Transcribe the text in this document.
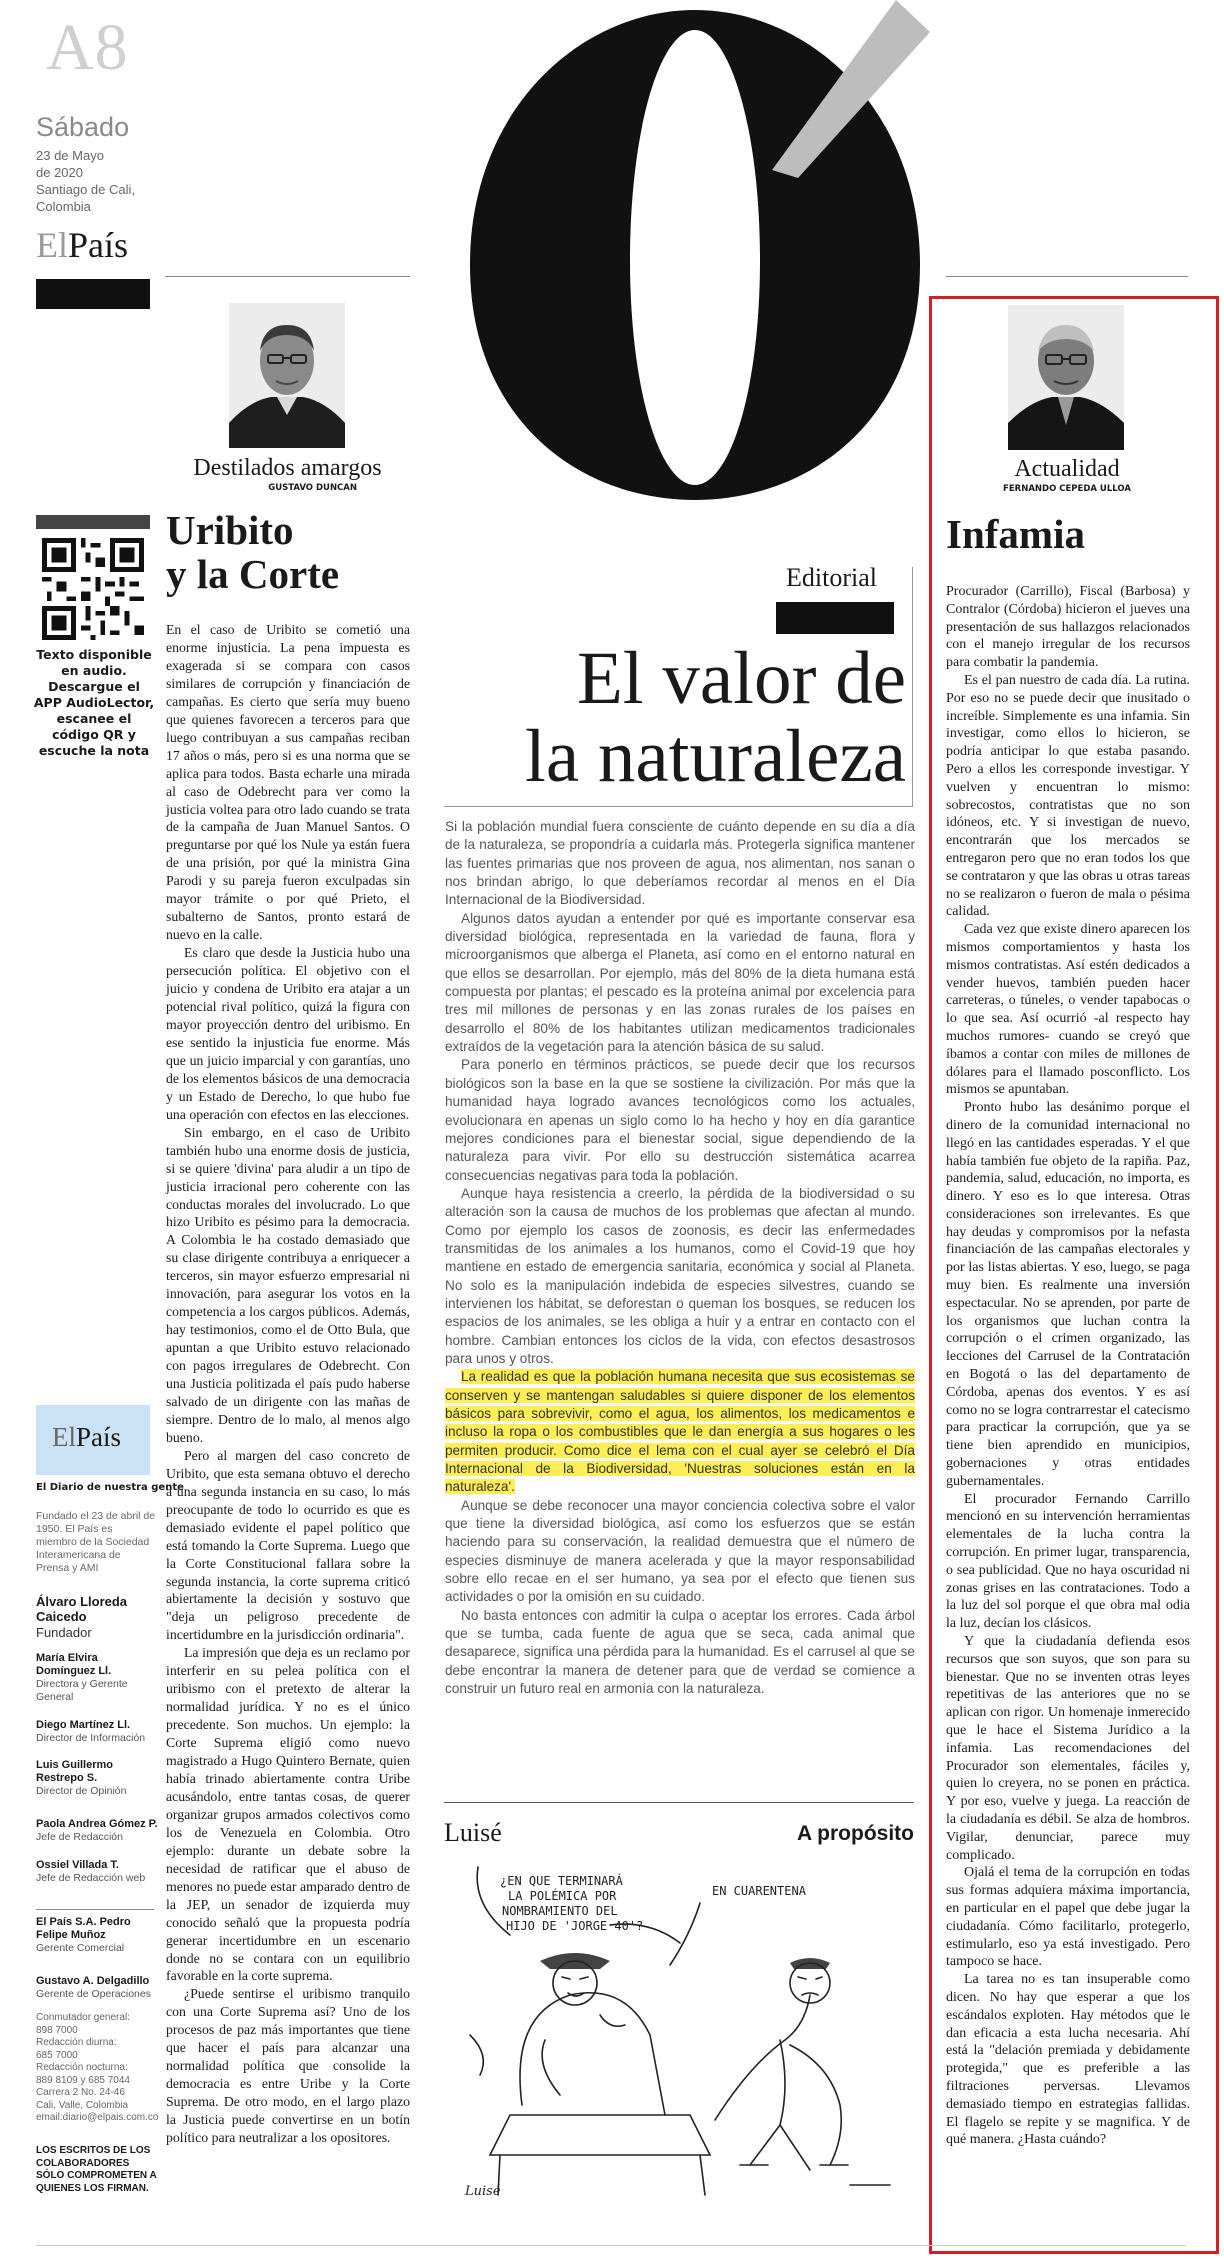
A8
Sábado
23 de Mayo
de 2020
Santiago de Cali,
Colombia
ElPaís
Texto disponible en audio. Descargue el APP AudioLector, escanee el código QR y escuche la nota
ElPaís
El Diario de nuestra gente
Fundado el 23 de abril de 1950. El País es miembro de la Sociedad Interamericana de Prensa y AMI
Álvaro Lloreda Caicedo
Fundador
María Elvira Domínguez Ll.
Directora y Gerente General
Diego Martínez Ll.
Director de Información
Luis Guillermo Restrepo S.
Director de Opinión
Paola Andrea Gómez P.
Jefe de Redacción
Ossiel Villada T.
Jefe de Redacción web
El País S.A. Pedro Felipe Muñoz
Gerente Comercial
Gustavo A. Delgadillo
Gerente de Operaciones
Conmutador general:
898 7000
Redacción diurna:
685 7000
Redacción nocturna:
889 8109 y 685 7044
Carrera 2 No. 24-46
Cali, Valle, Colombia
email:diario@elpais.com.co
LOS ESCRITOS DE LOS COLABORADORES SÓLO COMPROMETEN A QUIENES LOS FIRMAN.
Destilados amargos
GUSTAVO DUNCAN
Uribito
y la Corte

En el caso de Uribito se cometió una enorme injusticia. La pena impuesta es exagerada si se compara con casos similares de corrupción y financiación de campañas. Es cierto que sería muy bueno que quienes favorecen a terceros para que luego contribuyan a sus campañas reciban 17 años o más, pero si es una norma que se aplica para todos. Basta echarle una mirada al caso de Odebrecht para ver como la justicia voltea para otro lado cuando se trata de la campaña de Juan Manuel Santos. O preguntarse por qué los Nule ya están fuera de una prisión, por qué la ministra Gina Parodi y su pareja fueron exculpadas sin mayor trámite o por qué Prieto, el subalterno de Santos, pronto estará de nuevo en la calle.

Es claro que desde la Justicia hubo una persecución política. El objetivo con el juicio y condena de Uribito era atajar a un potencial rival político, quizá la figura con mayor proyección dentro del uribismo. En ese sentido la injusticia fue enorme. Más que un juicio imparcial y con garantías, uno de los elementos básicos de una democracia y un Estado de Derecho, lo que hubo fue una operación con efectos en las elecciones.

Sin embargo, en el caso de Uribito también hubo una enorme dosis de justicia, si se quiere 'divina' para aludir a un tipo de justicia irracional pero coherente con las conductas morales del involucrado. Lo que hizo Uribito es pésimo para la democracia. A Colombia le ha costado demasiado que su clase dirigente contribuya a enriquecer a terceros, sin mayor esfuerzo empresarial ni innovación, para asegurar los votos en la competencia a los cargos públicos. Además, hay testimonios, como el de Otto Bula, que apuntan a que Uribito estuvo relacionado con pagos irregulares de Odebrecht. Con una Justicia politizada el país pudo haberse salvado de un dirigente con las mañas de siempre. Dentro de lo malo, al menos algo bueno.

Pero al margen del caso concreto de Uribito, que esta semana obtuvo el derecho a una segunda instancia en su caso, lo más preocupante de todo lo ocurrido es que es demasiado evidente el papel político que está tomando la Corte Suprema. Luego que la Corte Constitucional fallara sobre la segunda instancia, la corte suprema criticó abiertamente la decisión y sostuvo que "deja un peligroso precedente de incertidumbre en la jurisdicción ordinaria".

La impresión que deja es un reclamo por interferir en su pelea política con el uribismo con el pretexto de alterar la normalidad jurídica. Y no es el único precedente. Son muchos. Un ejemplo: la Corte Suprema eligió como nuevo magistrado a Hugo Quintero Bernate, quien había trinado abiertamente contra Uribe acusándolo, entre tantas cosas, de querer organizar grupos armados colectivos como los de Venezuela en Colombia. Otro ejemplo: durante un debate sobre la necesidad de ratificar que el abuso de menores no puede estar amparado dentro de la JEP, un senador de izquierda muy conocido señaló que la propuesta podría generar incertidumbre en un escenario donde no se contara con un equilibrio favorable en la corte suprema.

¿Puede sentirse el uribismo tranquilo con una Corte Suprema así? Uno de los procesos de paz más importantes que tiene que hacer el país para alcanzar una normalidad política que consolide la democracia es entre Uribe y la Corte Suprema. De otro modo, en el largo plazo la Justicia puede convertirse en un botín político para neutralizar a los opositores.

Editorial
El valor de
la naturaleza

Si la población mundial fuera consciente de cuánto depende en su día a día de la naturaleza, se propondría a cuidarla más. Protegerla significa mantener las fuentes primarias que nos proveen de agua, nos alimentan, nos sanan o nos brindan abrigo, lo que deberíamos recordar al menos en el Día Internacional de la Biodiversidad.

Algunos datos ayudan a entender por qué es importante conservar esa diversidad biológica, representada en la variedad de fauna, flora y microorganismos que alberga el Planeta, así como en el entorno natural en que ellos se desarrollan. Por ejemplo, más del 80% de la dieta humana está compuesta por plantas; el pescado es la proteína animal por excelencia para tres mil millones de personas y en las zonas rurales de los países en desarrollo el 80% de los habitantes utilizan medicamentos tradicionales extraídos de la vegetación para la atención básica de su salud.

Para ponerlo en términos prácticos, se puede decir que los recursos biológicos son la base en la que se sostiene la civilización. Por más que la humanidad haya logrado avances tecnológicos como los actuales, evolucionara en apenas un siglo como lo ha hecho y hoy en día garantice mejores condiciones para el bienestar social, sigue dependiendo de la naturaleza para vivir. Por ello su destrucción sistemática acarrea consecuencias negativas para toda la población.

Aunque haya resistencia a creerlo, la pérdida de la biodiversidad o su alteración son la causa de muchos de los problemas que afectan al mundo. Como por ejemplo los casos de zoonosis, es decir las enfermedades transmitidas de los animales a los humanos, como el Covid-19 que hoy mantiene en estado de emergencia sanitaria, económica y social al Planeta. No solo es la manipulación indebida de especies silvestres, cuando se intervienen los hábitat, se deforestan o queman los bosques, se reducen los espacios de los animales, se les obliga a huir y a entrar en contacto con el hombre. Cambian entonces los ciclos de la vida, con efectos desastrosos para unos y otros.

La realidad es que la población humana necesita que sus ecosistemas se conserven y se mantengan saludables si quiere disponer de los elementos básicos para sobrevivir, como el agua, los alimentos, los medicamentos e incluso la ropa o los combustibles que le dan energía a sus hogares o les permiten producir. Como dice el lema con el cual ayer se celebró el Día Internacional de la Biodiversidad, 'Nuestras soluciones están en la naturaleza'.

Aunque se debe reconocer una mayor conciencia colectiva sobre el valor que tiene la diversidad biológica, así como los esfuerzos que se están haciendo para su conservación, la realidad demuestra que el número de especies disminuye de manera acelerada y que la mayor responsabilidad sobre ello recae en el ser humano, ya sea por el efecto que tienen sus actividades o por la omisión en su cuidado.

No basta entonces con admitir la culpa o aceptar los errores. Cada árbol que se tumba, cada fuente de agua que se seca, cada animal que desaparece, significa una pérdida para la humanidad. Es el carrusel al que se debe encontrar la manera de detener para que de verdad se comience a construir un futuro real en armonía con la naturaleza.

Luisé	A propósito
¿EN QUE TERMINARÁ
LA POLÉMICA POR
NOMBRAMIENTO DEL
HIJO DE 'JORGE 40'?
EN CUARENTENA
Luisé
Actualidad
FERNANDO CEPEDA ULLOA
Infamia

Procurador (Carrillo), Fiscal (Barbosa) y Contralor (Córdoba) hicieron el jueves una presentación de sus hallazgos relacionados con el manejo irregular de los recursos para combatir la pandemia.

Es el pan nuestro de cada día. La rutina. Por eso no se puede decir que inusitado o increíble. Simplemente es una infamia. Sin investigar, como ellos lo hicieron, se podría anticipar lo que estaba pasando. Pero a ellos les corresponde investigar. Y vuelven y encuentran lo mismo: sobrecostos, contratistas que no son idóneos, etc. Y si investigan de nuevo, encontrarán que los mercados se entregaron pero que no eran todos los que se contrataron y que las obras u otras tareas no se realizaron o fueron de mala o pésima calidad.

Cada vez que existe dinero aparecen los mismos comportamientos y hasta los mismos contratistas. Así estén dedicados a vender huevos, también pueden hacer carreteras, o túneles, o vender tapabocas o lo que sea. Así ocurrió -al respecto hay muchos rumores- cuando se creyó que íbamos a contar con miles de millones de dólares para el llamado posconflicto. Los mismos se apuntaban.

Pronto hubo las desánimo porque el dinero de la comunidad internacional no llegó en las cantidades esperadas. Y el que había también fue objeto de la rapiña. Paz, pandemia, salud, educación, no importa, es dinero. Y eso es lo que interesa. Otras consideraciones son irrelevantes. Es que hay deudas y compromisos por la nefasta financiación de las campañas electorales y por las listas abiertas. Y eso, luego, se paga muy bien. Es realmente una inversión espectacular. No se aprenden, por parte de los organismos que luchan contra la corrupción o el crimen organizado, las lecciones del Carrusel de la Contratación en Bogotá o las del departamento de Córdoba, apenas dos eventos. Y es así como no se logra contrarrestar el catecismo para practicar la corrupción, que ya se tiene bien aprendido en municipios, gobernaciones y otras entidades gubernamentales.

El procurador Fernando Carrillo mencionó en su intervención herramientas elementales de la lucha contra la corrupción. En primer lugar, transparencia, o sea publicidad. Que no haya oscuridad ni zonas grises en las contrataciones. Todo a la luz del sol porque el que obra mal odia la luz, decían los clásicos.

Y que la ciudadanía defienda esos recursos que son suyos, que son para su bienestar. Que no se inventen otras leyes repetitivas de las anteriores que no se aplican con rigor. Un homenaje inmerecido que le hace el Sistema Jurídico a la infamia. Las recomendaciones del Procurador son elementales, fáciles y, quien lo creyera, no se ponen en práctica. Y por eso, vuelve y juega. La reacción de la ciudadanía es débil. Se alza de hombros. Vigilar, denunciar, parece muy complicado.

Ojalá el tema de la corrupción en todas sus formas adquiera máxima importancia, en particular en el papel que debe jugar la ciudadanía. Cómo facilitarlo, protegerlo, estimularlo, eso ya está investigado. Pero tampoco se hace.

La tarea no es tan insuperable como dicen. No hay que esperar a que los escándalos exploten. Hay métodos que le dan eficacia a esta lucha necesaria. Ahí está la "delación premiada y debidamente protegida," que es preferible a las filtraciones perversas. Llevamos demasiado tiempo en estrategias fallidas. El flagelo se repite y se magnifica. Y de qué manera. ¿Hasta cuándo?
